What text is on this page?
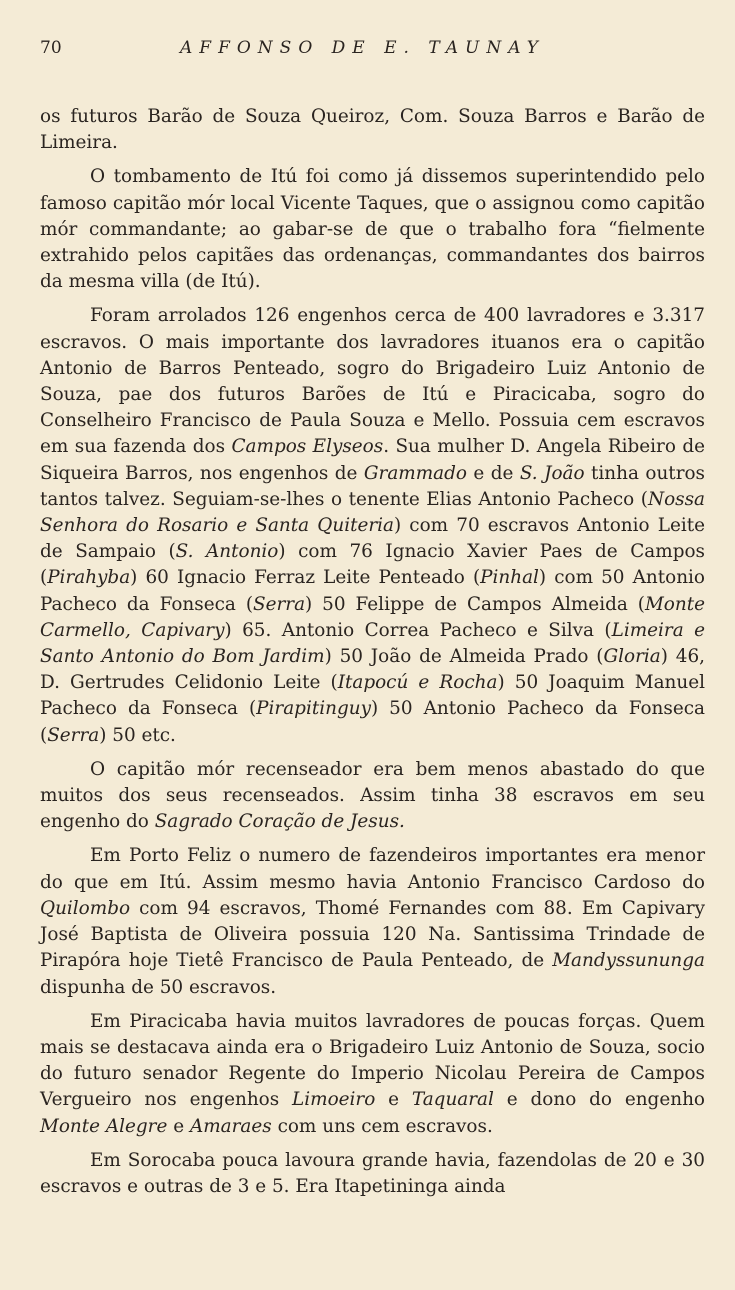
70	AFFONSO DE E. TAUNAY

os futuros Barão de Souza Queiroz, Com. Souza Barros e Barão de Limeira.

O tombamento de Itú foi como já dissemos superintendido pelo famoso capitão mór local Vicente Taques, que o assignou como capitão mór commandante; ao gabar-se de que o trabalho fora “fielmente extrahido pelos capitães das ordenanças, commandantes dos bairros da mesma villa (de Itú).

Foram arrolados 126 engenhos cerca de 400 lavradores e 3.317 escravos. O mais importante dos lavradores ituanos era o capitão Antonio de Barros Penteado, sogro do Brigadeiro Luiz Antonio de Souza, pae dos futuros Barões de Itú e Piracicaba, sogro do Conselheiro Francisco de Paula Souza e Mello. Possuia cem escravos em sua fazenda dos Campos Elyseos. Sua mulher D. Angela Ribeiro de Siqueira Barros, nos engenhos de Grammado e de S. João tinha outros tantos talvez. Seguiam-se-lhes o tenente Elias Antonio Pacheco (Nossa Senhora do Rosario e Santa Quiteria) com 70 escravos Antonio Leite de Sampaio (S. Antonio) com 76 Ignacio Xavier Paes de Campos (Pirahyba) 60 Ignacio Ferraz Leite Penteado (Pinhal) com 50 Antonio Pacheco da Fonseca (Serra) 50 Felippe de Campos Almeida (Monte Carmello, Capivary) 65. Antonio Correa Pacheco e Silva (Limeira e Santo Antonio do Bom Jardim) 50 João de Almeida Prado (Gloria) 46, D. Gertrudes Celidonio Leite (Itapocú e Rocha) 50 Joaquim Manuel Pacheco da Fonseca (Pirapitinguy) 50 Antonio Pacheco da Fonseca (Serra) 50 etc.

O capitão mór recenseador era bem menos abastado do que muitos dos seus recenseados. Assim tinha 38 escravos em seu engenho do Sagrado Coração de Jesus.

Em Porto Feliz o numero de fazendeiros importantes era menor do que em Itú. Assim mesmo havia Antonio Francisco Cardoso do Quilombo com 94 escravos, Thomé Fernandes com 88. Em Capivary José Baptista de Oliveira possuia 120 Na. Santissima Trindade de Pirapóra hoje Tietê Francisco de Paula Penteado, de Mandyssununga dispunha de 50 escravos.

Em Piracicaba havia muitos lavradores de poucas forças. Quem mais se destacava ainda era o Brigadeiro Luiz Antonio de Souza, socio do futuro senador Regente do Imperio Nicolau Pereira de Campos Vergueiro nos engenhos Limoeiro e Taquaral e dono do engenho Monte Alegre e Amaraes com uns cem escravos.

Em Sorocaba pouca lavoura grande havia, fazendolas de 20 e 30 escravos e outras de 3 e 5. Era Itapetininga ainda
